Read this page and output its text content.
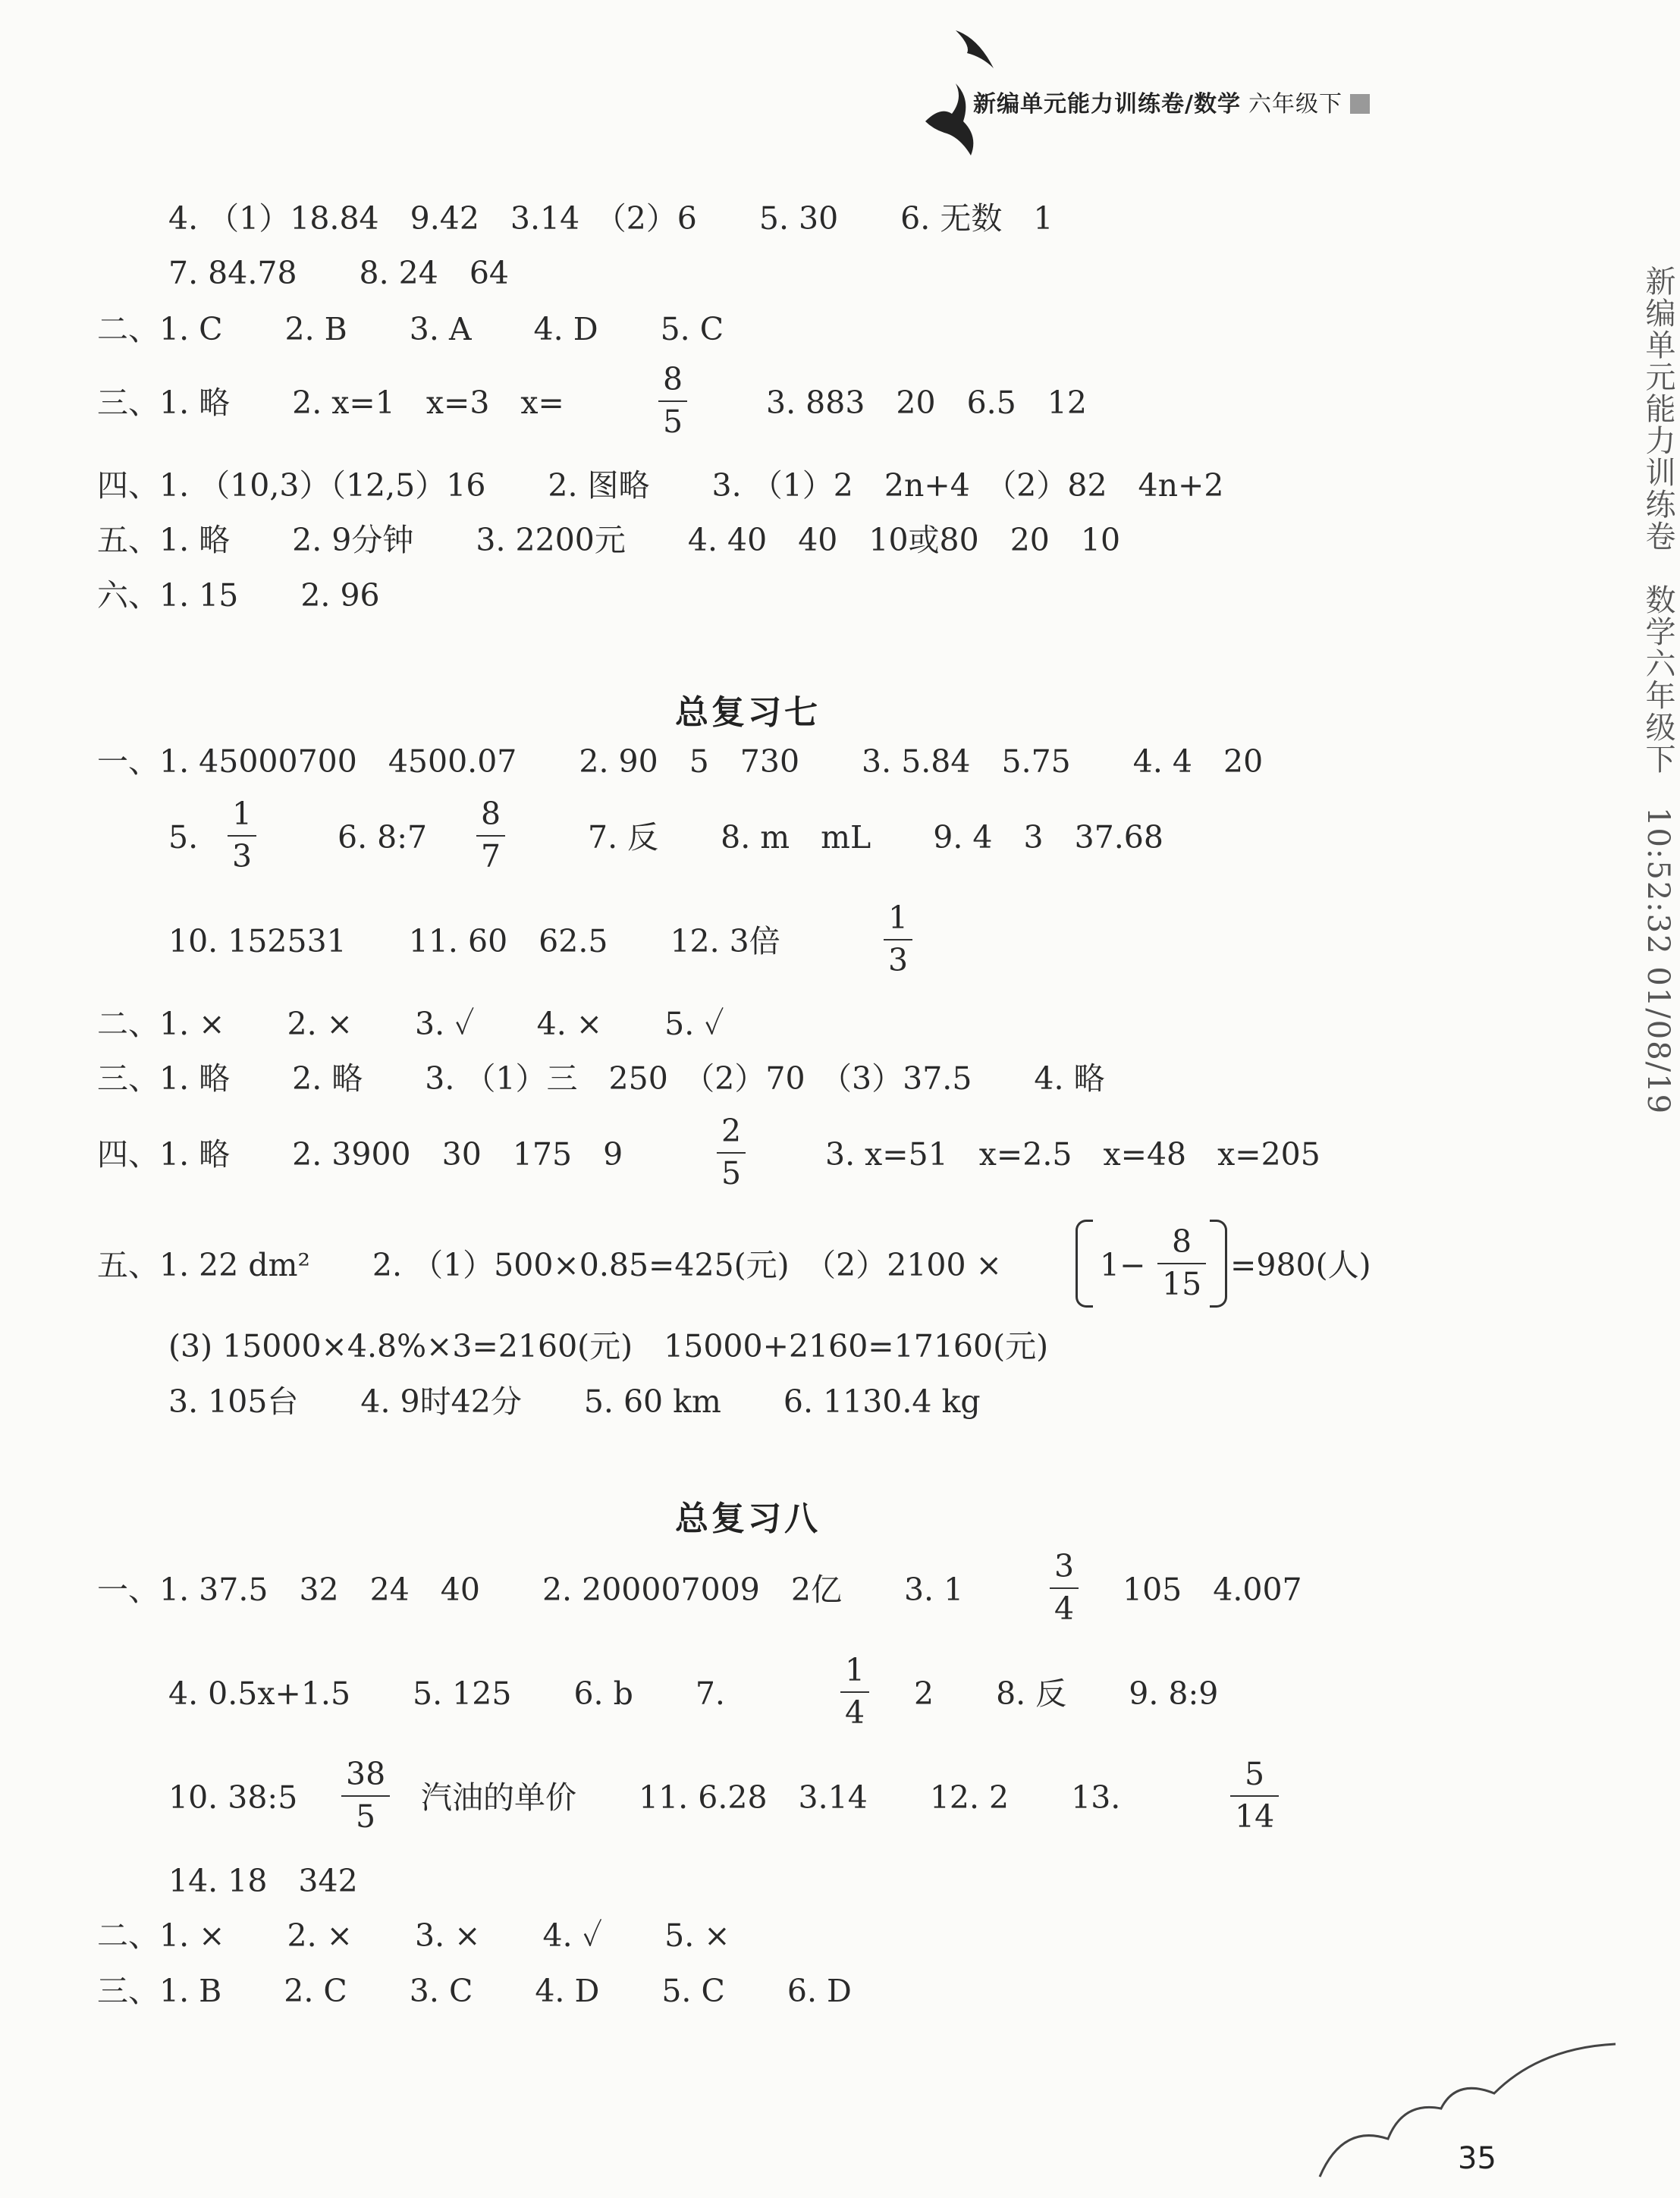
新编单元能力训练卷/数学 六年级下
4. （1）18.84　9.42　3.14　（2）6　　5. 30　　6. 无数　1
7. 84.78　　8. 24　64
二、1. C　　2. B　　3. A　　4. D　　5. C
三、1. 略　　2. x=1　x=3　x=
8
5
3. 883　20　6.5　12
四、1. （10,3）（12,5）16　　2. 图略　　3. （1）2　2n+4　（2）82　4n+2
五、1. 略　　2. 9分钟　　3. 2200元　　4. 40　40　10或80　20　10
六、1. 15　　2. 96
总复习七
一、1. 45000700　4500.07　　2. 90　5　730　　3. 5.84　5.75　　4. 4　20
5.
1
3
6. 8:7
8
7
7. 反　　8. m　mL　　9. 4　3　37.68
10. 152531　　11. 60　62.5　　12. 3倍
1
3
二、1. ×　　2. ×　　3. ✓　　4. ×　　5. ✓
三、1. 略　　2. 略　　3. （1）三　250　（2）70　（3）37.5　　4. 略
四、1. 略　　2. 3900　30　175　9
2
5
3. x=51　x=2.5　x=48　x=205
五、1. 22 dm²　　2. （1）500×0.85=425(元)　（2）2100 ×	1−
8
15
=980(人)
(3) 15000×4.8%×3=2160(元)　15000+2160=17160(元)
3. 105台　　4. 9时42分　　5. 60 km　　6. 1130.4 kg
总复习八
一、1. 37.5　32　24　40　　2. 200007009　2亿　　3. 1
3
4
105　4.007
4. 0.5x+1.5　　5. 125　　6. b　　7.
1
4
2　　8. 反　　9. 8:9
10. 38:5
38
5
汽油的单价　　11. 6.28　3.14　　12. 2　　13.
5
14
14. 18　342
二、1. ×　　2. ×　　3. ×　　4. ✓　　5. ×
三、1. B　　2. C　　3. C　　4. D　　5. C　　6. D
新编单元能力训练卷　数学六年级下　10:52:32 01/08/19
35
